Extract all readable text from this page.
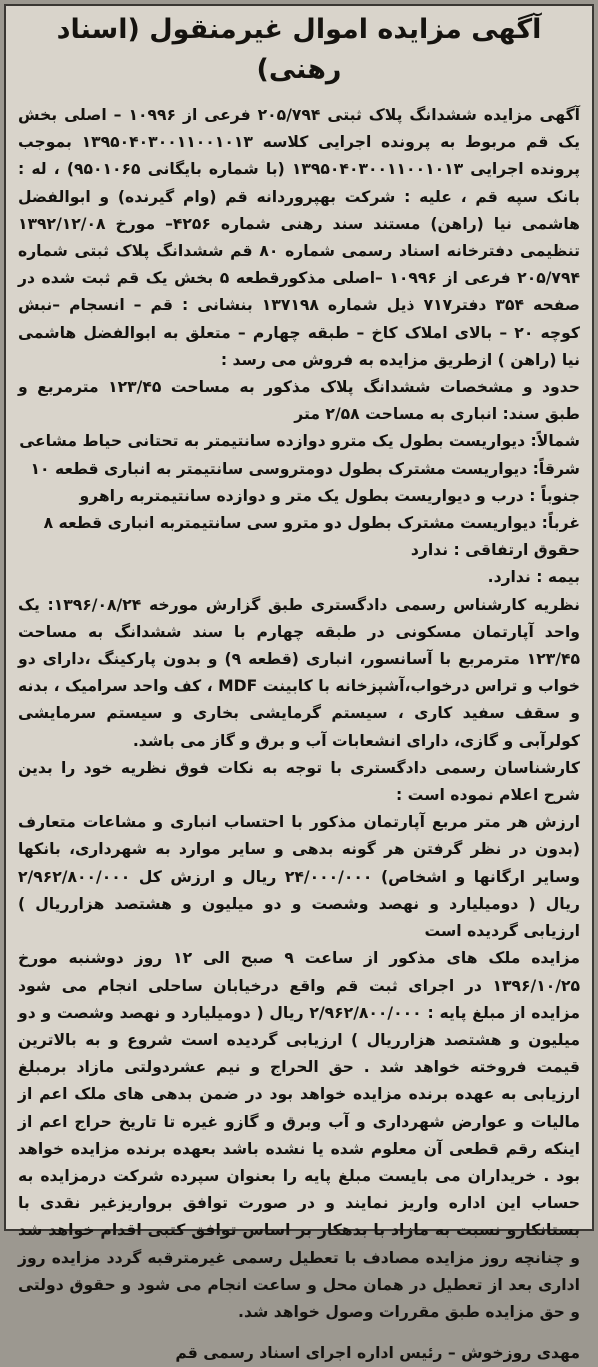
آگهی مزایده اموال غیرمنقول (اسناد رهنی)

آگهی مزایده ششدانگ پلاک ثبتی ۲۰۵/۷۹۴ فرعی از ۱۰۹۹۶ – اصلی بخش یک قم مربوط به پرونده اجرایی کلاسه ۱۳۹۵۰۴۰۳۰۰۱۱۰۰۱۰۱۳ بموجب پرونده اجرایی ۱۳۹۵۰۴۰۳۰۰۱۱۰۰۱۰۱۳ (با شماره بایگانی ۹۵۰۱۰۶۵) ، له : بانک سپه قم ، علیه : شرکت بهپروردانه قم (وام گیرنده) و ابوالفضل هاشمی نیا (راهن) مستند سند رهنی شماره ۴۲۵۶– مورخ ۱۳۹۲/۱۲/۰۸ تنظیمی دفترخانه اسناد رسمی شماره ۸۰ قم ششدانگ پلاک ثبتی شماره ۲۰۵/۷۹۴ فرعی از ۱۰۹۹۶ –اصلی مذکورقطعه ۵ بخش یک قم ثبت شده در صفحه ۳۵۴ دفتر۷۱۷ ذیل شماره ۱۳۷۱۹۸ بنشانی : قم – انسجام –نبش کوچه ۲۰ – بالای املاک کاخ – طبقه چهارم – متعلق به ابوالفضل هاشمی نیا (راهن ) ازطریق مزایده به فروش می رسد :

حدود و مشخصات ششدانگ پلاک مذکور به مساحت ۱۲۳/۴۵ مترمربع و طبق سند: انباری به مساحت ۲/۵۸ متر

شمالاً: دیواریست بطول یک مترو دوازده سانتیمتر به تحتانی حیاط مشاعی

شرقاً: دیواریست مشترک بطول دومتروسی سانتیمتر به انباری قطعه ۱۰

جنوباً : درب و دیواریست بطول یک متر و دوازده سانتیمتربه راهرو

غرباً: دیواریست مشترک بطول دو مترو سی سانتیمتربه انباری قطعه ۸

حقوق ارتفاقی : ندارد

بیمه : ندارد.

نظریه کارشناس رسمی دادگستری طبق گزارش مورخه ۱۳۹۶/۰۸/۲۴: یک واحد آپارتمان مسکونی در طبقه چهارم با سند ششدانگ به مساحت ۱۲۳/۴۵ مترمربع با آسانسور، انباری (قطعه ۹) و بدون پارکینگ ،دارای دو خواب و تراس درخواب،آشپزخانه با کابینت MDF ، کف واحد سرامیک ، بدنه و سقف سفید کاری ، سیستم گرمایشی بخاری و سیستم سرمایشی کولرآبی و گازی، دارای انشعابات آب و برق و گاز می باشد.

کارشناسان رسمی دادگستری با توجه به نکات فوق نظریه خود را بدین شرح اعلام نموده است :

ارزش هر متر مربع آپارتمان مذکور با احتساب انباری و مشاعات متعارف (بدون در نظر گرفتن هر گونه بدهی و سایر موارد به شهرداری، بانکها وسایر ارگانها و اشخاص) ۲۴/۰۰۰/۰۰۰ ریال و ارزش کل ۲/۹۶۲/۸۰۰/۰۰۰ ریال ( دومیلیارد و نهصد وشصت و دو میلیون و هشتصد هزارریال ) ارزیابی گردیده است

مزایده ملک های مذکور از ساعت ۹ صبح الی ۱۲ روز دوشنبه مورخ ۱۳۹۶/۱۰/۲۵ در اجرای ثبت قم واقع درخیابان ساحلی انجام می شود مزایده از مبلغ پایه : ۲/۹۶۲/۸۰۰/۰۰۰ ریال ( دومیلیارد و نهصد وشصت و دو میلیون و هشتصد هزارریال ) ارزیابی گردیده است شروع و به بالاترین قیمت فروخته خواهد شد . حق الحراج و نیم عشردولتی مازاد برمبلغ ارزیابی به عهده برنده مزایده خواهد بود در ضمن بدهی های ملک اعم از مالیات و عوارض شهرداری و آب وبرق و گازو غیره تا تاریخ حراج اعم از اینکه رقم قطعی آن معلوم شده یا نشده باشد بعهده برنده مزایده خواهد بود . خریداران می بایست مبلغ پایه را بعنوان سپرده شرکت درمزایده به حساب این اداره واریز نمایند و در صورت توافق برواریزغیر نقدی با بستانکارو نسبت به مازاد با بدهکار بر اساس توافق کتبی اقدام خواهد شد و چنانچه روز مزایده مصادف با تعطیل رسمی غیرمترقبه گردد مزایده روز اداری بعد از تعطیل در همان محل و ساعت انجام می شود و حقوق دولتی و حق مزایده طبق مقررات وصول خواهد شد.

مهدی روزخوش – رئیس اداره اجرای اسناد رسمی قم
